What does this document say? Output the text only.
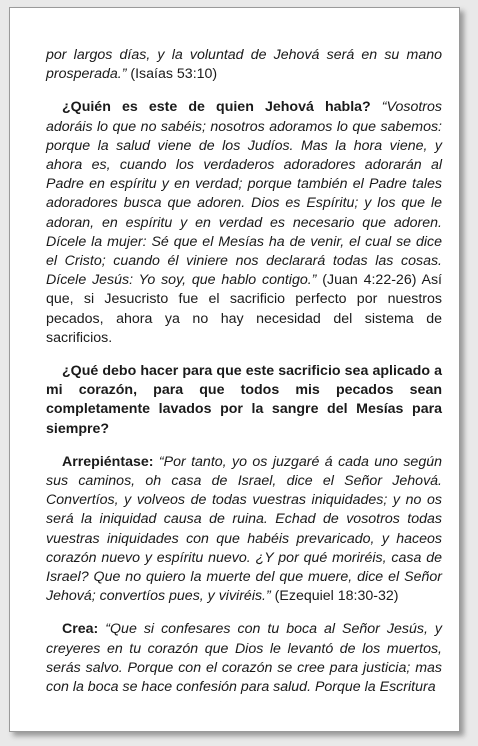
por largos días, y la voluntad de Jehová será en su mano prosperada.” (Isaías 53:10)

¿Quién es este de quien Jehová habla? “Vosotros adoráis lo que no sabéis; nosotros adoramos lo que sabemos: porque la salud viene de los Judíos. Mas la hora viene, y ahora es, cuando los verdaderos adoradores adorarán al Padre en espíritu y en verdad; porque también el Padre tales adoradores busca que adoren. Dios es Espíritu; y los que le adoran, en espíritu y en verdad es necesario que adoren. Dícele la mujer: Sé que el Mesías ha de venir, el cual se dice el Cristo; cuando él viniere nos declarará todas las cosas. Dícele Jesús: Yo soy, que hablo contigo.” (Juan 4:22-26) Así que, si Jesucristo fue el sacrificio perfecto por nuestros pecados, ahora ya no hay necesidad del sistema de sacrificios.

¿Qué debo hacer para que este sacrificio sea aplicado a mi corazón, para que todos mis pecados sean completamente lavados por la sangre del Mesías para siempre?

Arrepiéntase: “Por tanto, yo os juzgaré á cada uno según sus caminos, oh casa de Israel, dice el Señor Jehová. Convertíos, y volveos de todas vuestras iniquidades; y no os será la iniquidad causa de ruina. Echad de vosotros todas vuestras iniquidades con que habéis prevaricado, y haceos corazón nuevo y espíritu nuevo. ¿Y por qué moriréis, casa de Israel? Que no quiero la muerte del que muere, dice el Señor Jehová; convertíos pues, y viviréis.” (Ezequiel 18:30-32)

Crea: “Que si confesares con tu boca al Señor Jesús, y creyeres en tu corazón que Dios le levantó de los muertos, serás salvo. Porque con el corazón se cree para justicia; mas con la boca se hace confesión para salud. Porque la Escritura
